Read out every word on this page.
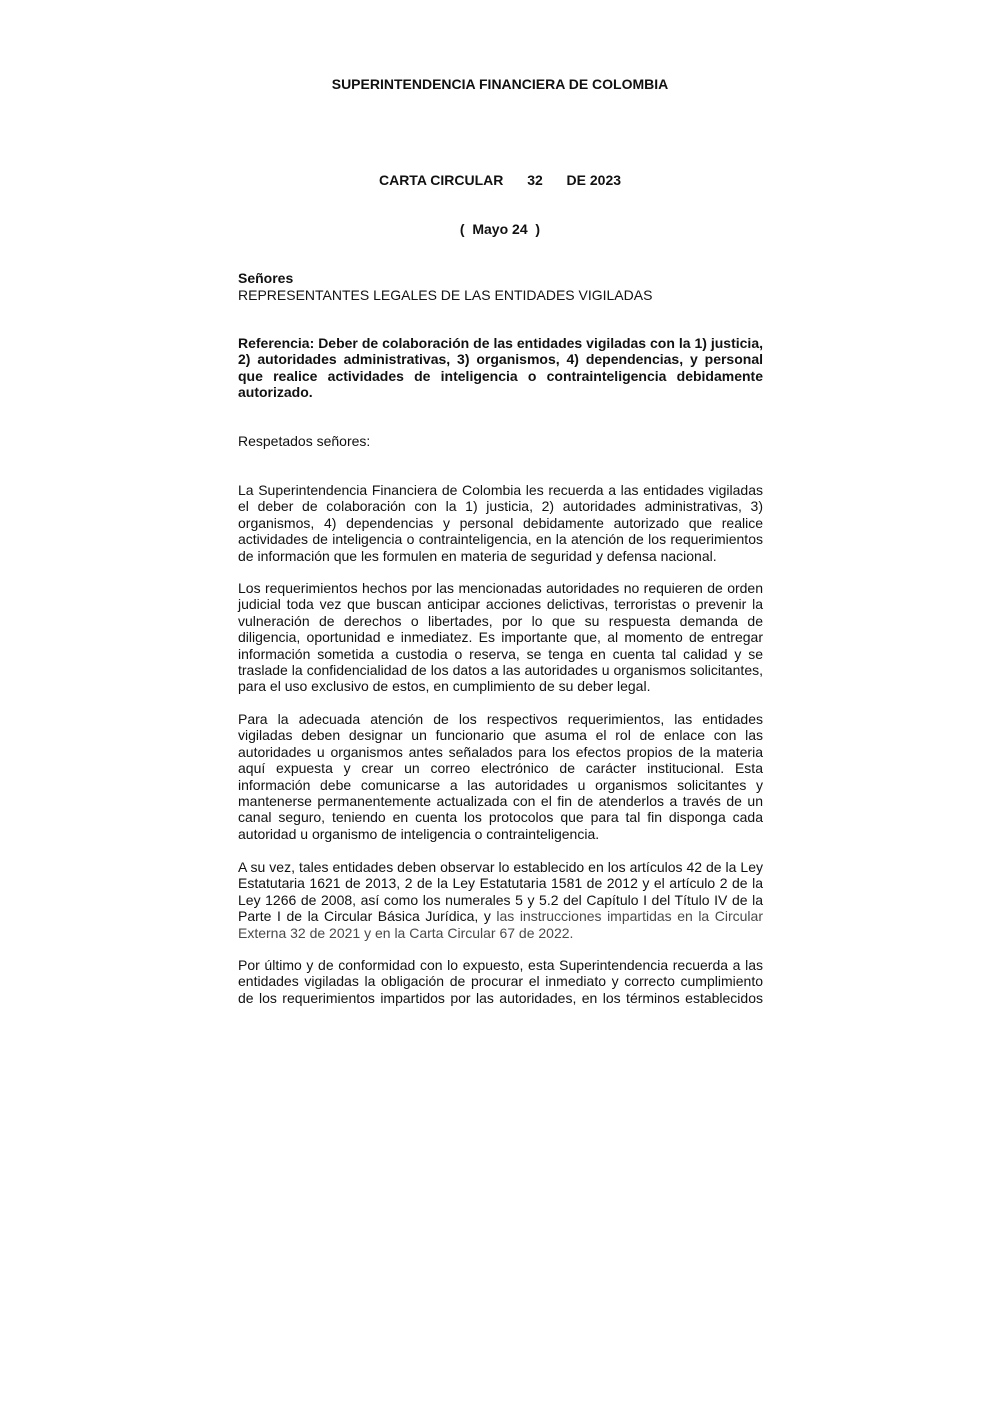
SUPERINTENDENCIA FINANCIERA DE COLOMBIA
CARTA CIRCULAR 32 DE 2023
(  Mayo 24  )
Señores
REPRESENTANTES LEGALES DE LAS ENTIDADES VIGILADAS
Referencia: Deber de colaboración de las entidades vigiladas con la 1) justicia, 2) autoridades administrativas, 3) organismos, 4) dependencias, y personal que realice actividades de inteligencia o contrainteligencia debidamente autorizado.
Respetados señores:
La Superintendencia Financiera de Colombia les recuerda a las entidades vigiladas el deber de colaboración con la 1) justicia, 2) autoridades administrativas, 3) organismos, 4) dependencias y personal debidamente autorizado que realice actividades de inteligencia o contrainteligencia, en la atención de los requerimientos de información que les formulen en materia de seguridad y defensa nacional.
Los requerimientos hechos por las mencionadas autoridades no requieren de orden judicial toda vez que buscan anticipar acciones delictivas, terroristas o prevenir la vulneración de derechos o libertades, por lo que su respuesta demanda de diligencia, oportunidad e inmediatez. Es importante que, al momento de entregar información sometida a custodia o reserva, se tenga en cuenta tal calidad y se traslade la confidencialidad de los datos a las autoridades u organismos solicitantes, para el uso exclusivo de estos, en cumplimiento de su deber legal.
Para la adecuada atención de los respectivos requerimientos, las entidades vigiladas deben designar un funcionario que asuma el rol de enlace con las autoridades u organismos antes señalados para los efectos propios de la materia aquí expuesta y crear un correo electrónico de carácter institucional. Esta información debe comunicarse a las autoridades u organismos solicitantes y mantenerse permanentemente actualizada con el fin de atenderlos a través de un canal seguro, teniendo en cuenta los protocolos que para tal fin disponga cada autoridad u organismo de inteligencia o contrainteligencia.
A su vez, tales entidades deben observar lo establecido en los artículos 42 de la Ley Estatutaria 1621 de 2013, 2 de la Ley Estatutaria 1581 de 2012 y el artículo 2 de la Ley 1266 de 2008, así como los numerales 5 y 5.2 del Capítulo I del Título IV de la Parte I de la Circular Básica Jurídica, y las instrucciones impartidas en la Circular Externa 32 de 2021 y en la Carta Circular 67 de 2022.
Por último y de conformidad con lo expuesto, esta Superintendencia recuerda a las entidades vigiladas la obligación de procurar el inmediato y correcto cumplimiento de los requerimientos impartidos por las autoridades, en los términos establecidos
